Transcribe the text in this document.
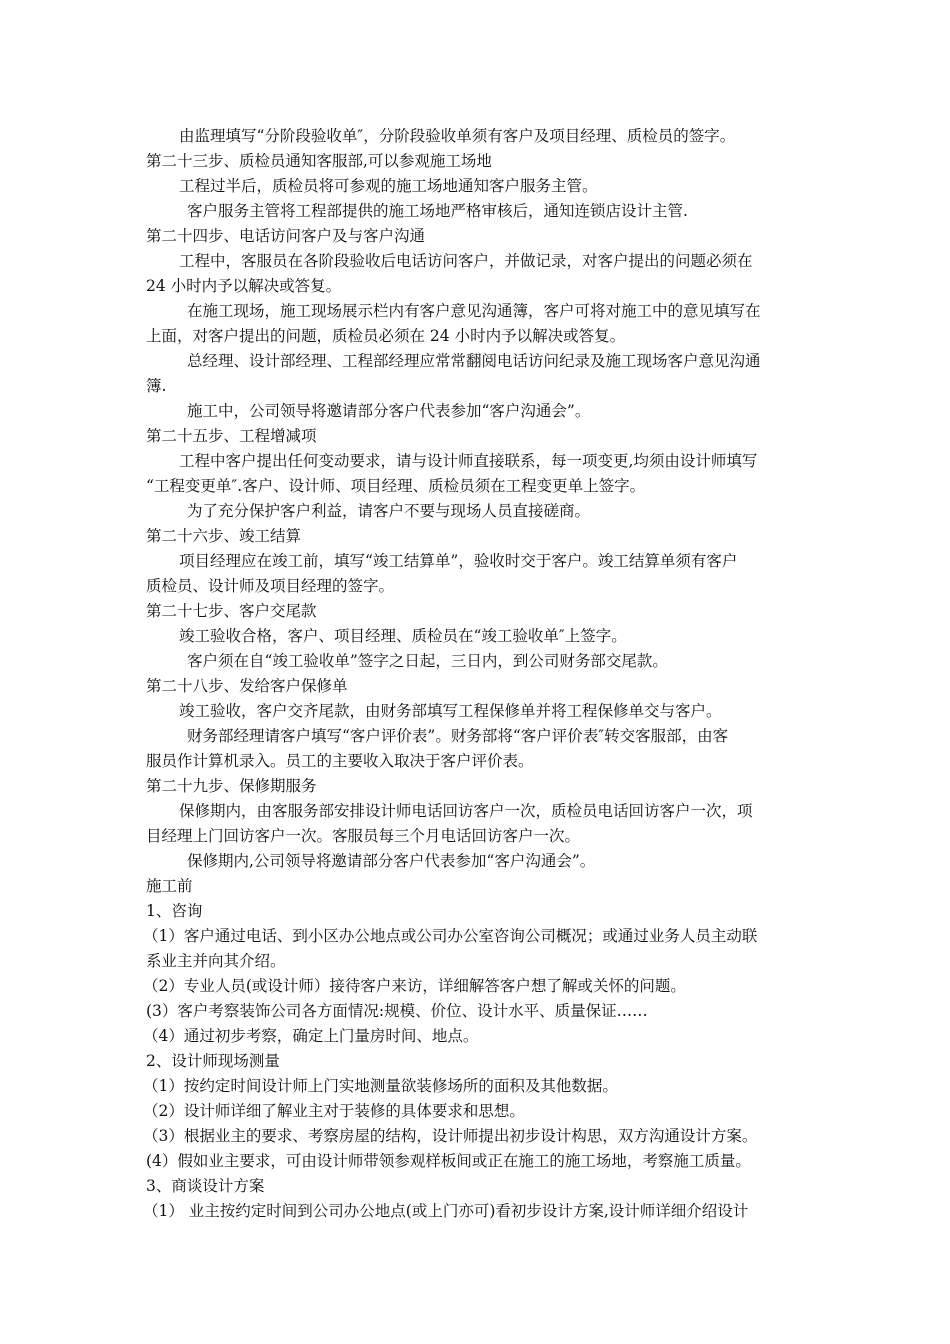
由监理填写“分阶段验收单″，分阶段验收单须有客户及项目经理、质检员的签字。
第二十三步、质检员通知客服部,可以参观施工场地
工程过半后，质检员将可参观的施工场地通知客户服务主管。
客户服务主管将工程部提供的施工场地严格审核后，通知连锁店设计主管.
第二十四步、电话访问客户及与客户沟通
工程中，客服员在各阶段验收后电话访问客户，并做记录，对客户提出的问题必须在
24 小时内予以解决或答复。
在施工现场，施工现场展示栏内有客户意见沟通簿，客户可将对施工中的意见填写在
上面，对客户提出的问题，质检员必须在 24 小时内予以解决或答复。
总经理、设计部经理、工程部经理应常常翻阅电话访问纪录及施工现场客户意见沟通
簿.
施工中，公司领导将邀请部分客户代表参加“客户沟通会”。
第二十五步、工程增减项
工程中客户提出任何变动要求，请与设计师直接联系，每一项变更,均须由设计师填写
“工程变更单″.客户、设计师、项目经理、质检员须在工程变更单上签字。
为了充分保护客户利益，请客户不要与现场人员直接磋商。
第二十六步、竣工结算
项目经理应在竣工前，填写“竣工结算单”，验收时交于客户。竣工结算单须有客户
质检员、设计师及项目经理的签字。
第二十七步、客户交尾款
竣工验收合格，客户、项目经理、质检员在“竣工验收单″上签字。
客户须在自“竣工验收单”签字之日起，三日内，到公司财务部交尾款。
第二十八步、发给客户保修单
竣工验收，客户交齐尾款，由财务部填写工程保修单并将工程保修单交与客户。
财务部经理请客户填写“客户评价表”。财务部将“客户评价表″转交客服部，由客
服员作计算机录入。员工的主要收入取决于客户评价表。
第二十九步、保修期服务
保修期内，由客服务部安排设计师电话回访客户一次，质检员电话回访客户一次，项
目经理上门回访客户一次。客服员每三个月电话回访客户一次。
保修期内,公司领导将邀请部分客户代表参加“客户沟通会”。
施工前
1、咨询
（1）客户通过电话、到小区办公地点或公司办公室咨询公司概况；或通过业务人员主动联
系业主并向其介绍。
（2）专业人员(或设计师）接待客户来访，详细解答客户想了解或关怀的问题。
(3）客户考察装饰公司各方面情况:规模、价位、设计水平、质量保证……
（4）通过初步考察，确定上门量房时间、地点。
2、设计师现场测量
（1）按约定时间设计师上门实地测量欲装修场所的面积及其他数据。
（2）设计师详细了解业主对于装修的具体要求和思想。
（3）根据业主的要求、考察房屋的结构，设计师提出初步设计构思，双方沟通设计方案。
(4）假如业主要求，可由设计师带领参观样板间或正在施工的施工场地，考察施工质量。
3、商谈设计方案
（1） 业主按约定时间到公司办公地点(或上门亦可)看初步设计方案,设计师详细介绍设计
